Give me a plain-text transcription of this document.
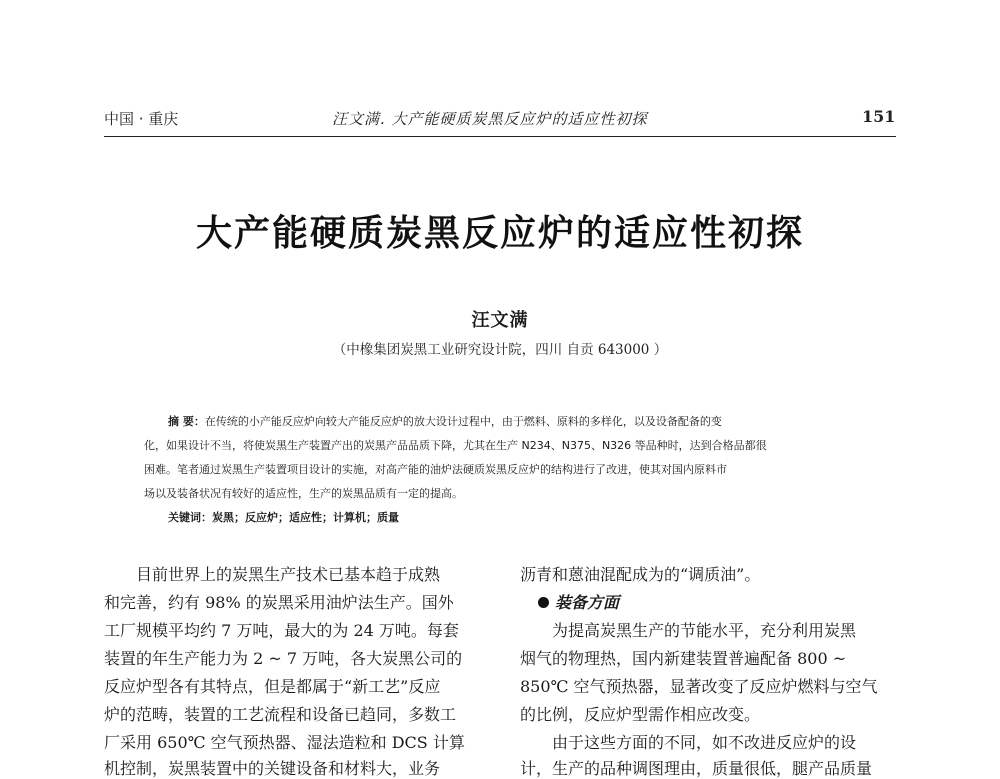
中国 · 重庆	汪文满. 大产能硬质炭黑反应炉的适应性初探	151
大产能硬质炭黑反应炉的适应性初探
汪文满
（中橡集团炭黑工业研究设计院，四川 自贡 643000 ）
摘 要：在传统的小产能反应炉向较大产能反应炉的放大设计过程中，由于燃料、原料的多样化，以及设备配备的变
化，如果设计不当，将使炭黑生产装置产出的炭黑产品品质下降，尤其在生产 N234、N375、N326 等品种时，达到合格品都很
困难。笔者通过炭黑生产装置项目设计的实施，对高产能的油炉法硬质炭黑反应炉的结构进行了改进，使其对国内原料市
场以及装备状况有较好的适应性，生产的炭黑品质有一定的提高。
关键词：炭黑；反应炉；适应性；计算机；质量
目前世界上的炭黑生产技术已基本趋于成熟
和完善，约有 98% 的炭黑采用油炉法生产。国外
工厂规模平均约 7 万吨，最大的为 24 万吨。每套
装置的年生产能力为 2 ~ 7 万吨，各大炭黑公司的
反应炉型各有其特点，但是都属于“新工艺”反应
炉的范畴，装置的工艺流程和设备已趋同，多数工
厂采用 650℃ 空气预热器、湿法造粒和 DCS 计算
机控制，炭黑装置中的关键设备和材料大，业务
沥青和蒽油混配成为的“调质油”。
装备方面
为提高炭黑生产的节能水平，充分利用炭黑
烟气的物理热，国内新建装置普遍配备 800 ~
850℃ 空气预热器，显著改变了反应炉燃料与空气
的比例，反应炉型需作相应改变。
由于这些方面的不同，如不改进反应炉的设
计，生产的品种调图理由，质量很低，腿产品质量
